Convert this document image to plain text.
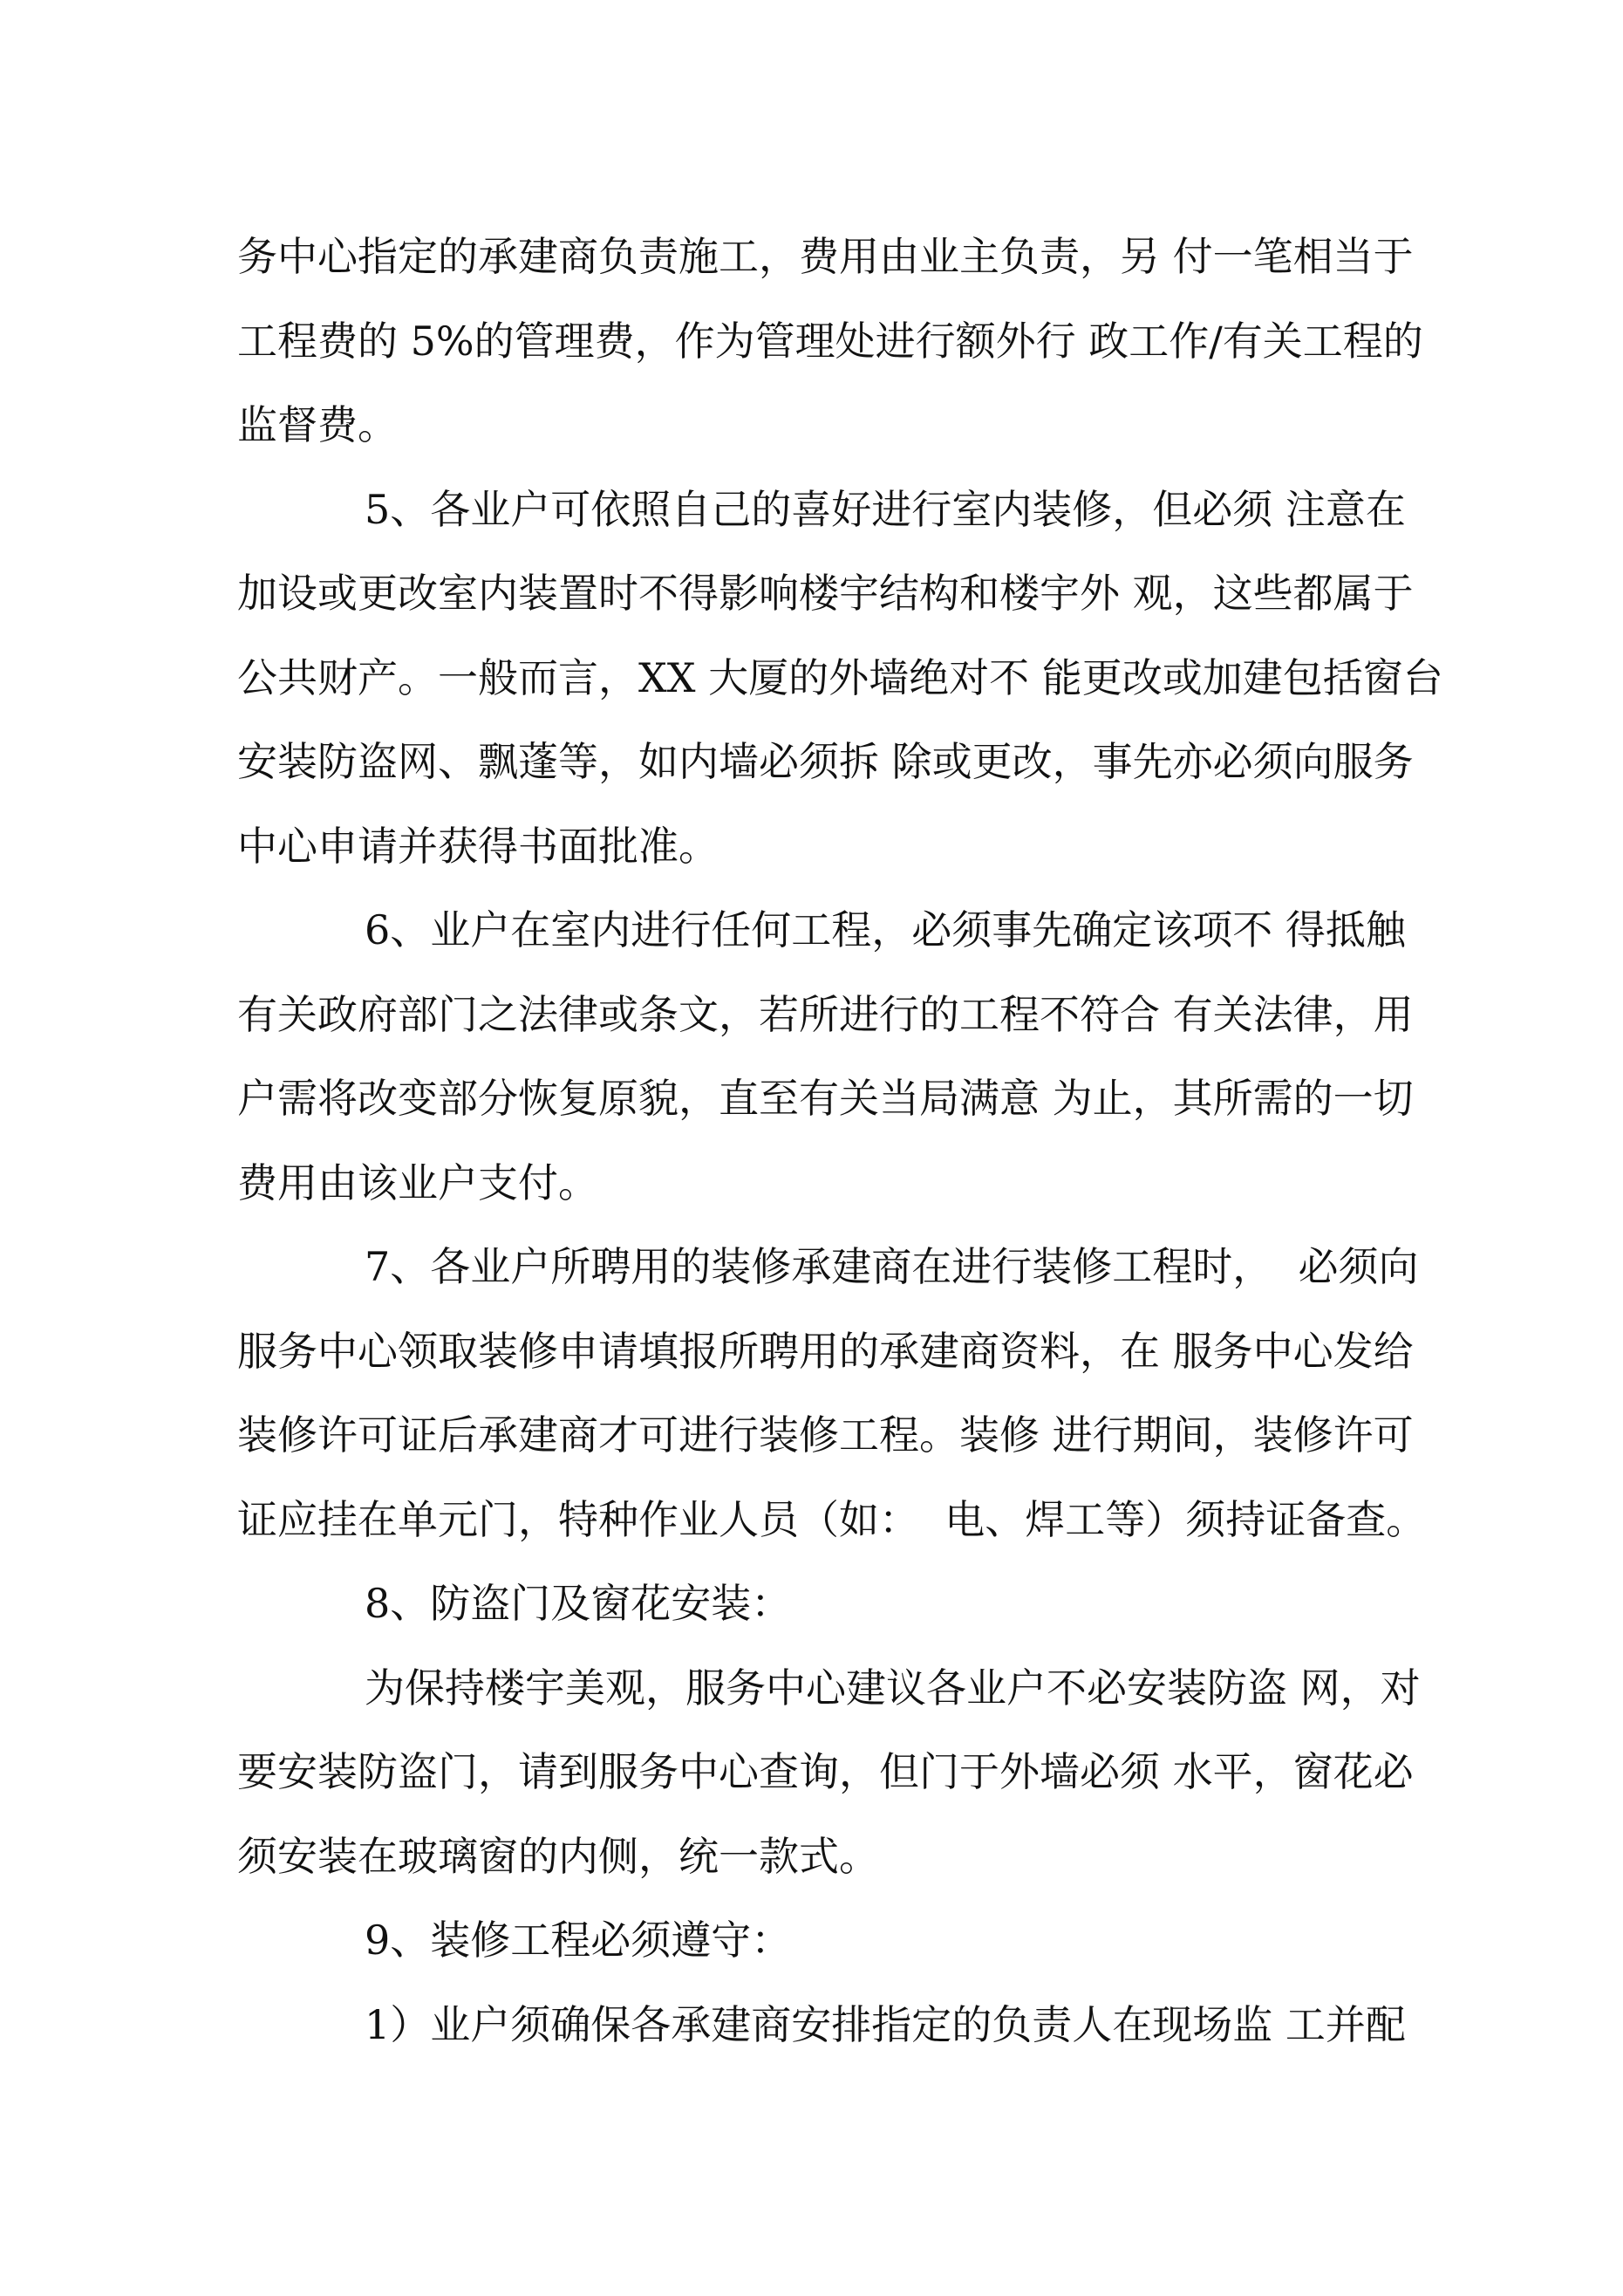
务中心指定的承建商负责施工，费用由业主负责，另 付一笔相当于
工程费的 5%的管理费，作为管理处进行额外行 政工作/有关工程的
监督费。
5、各业户可依照自己的喜好进行室内装修，但必须 注意在
加设或更改室内装置时不得影响楼宇结构和楼宇外 观，这些都属于
公共财产。一般而言，XX 大厦的外墙绝对不 能更改或加建包括窗台
安装防盗网、飘蓬等，如内墙必须拆 除或更改，事先亦必须向服务
中心申请并获得书面批准。
6、业户在室内进行任何工程，必须事先确定该项不 得抵触
有关政府部门之法律或条文，若所进行的工程不符合 有关法律，用
户需将改变部分恢复原貌，直至有关当局满意 为止，其所需的一切
费用由该业户支付。
7、各业户所聘用的装修承建商在进行装修工程时，  必须向
服务中心领取装修申请填报所聘用的承建商资料，在 服务中心发给
装修许可证后承建商才可进行装修工程。装修 进行期间，装修许可
证应挂在单元门，特种作业人员（如：  电、焊工等）须持证备查。
8、防盗门及窗花安装：
为保持楼宇美观，服务中心建议各业户不必安装防盗 网，对
要安装防盗门，请到服务中心查询，但门于外墙必须 水平，窗花必
须安装在玻璃窗的内侧，统一款式。
9、装修工程必须遵守：
1）业户须确保各承建商安排指定的负责人在现场监 工并配
